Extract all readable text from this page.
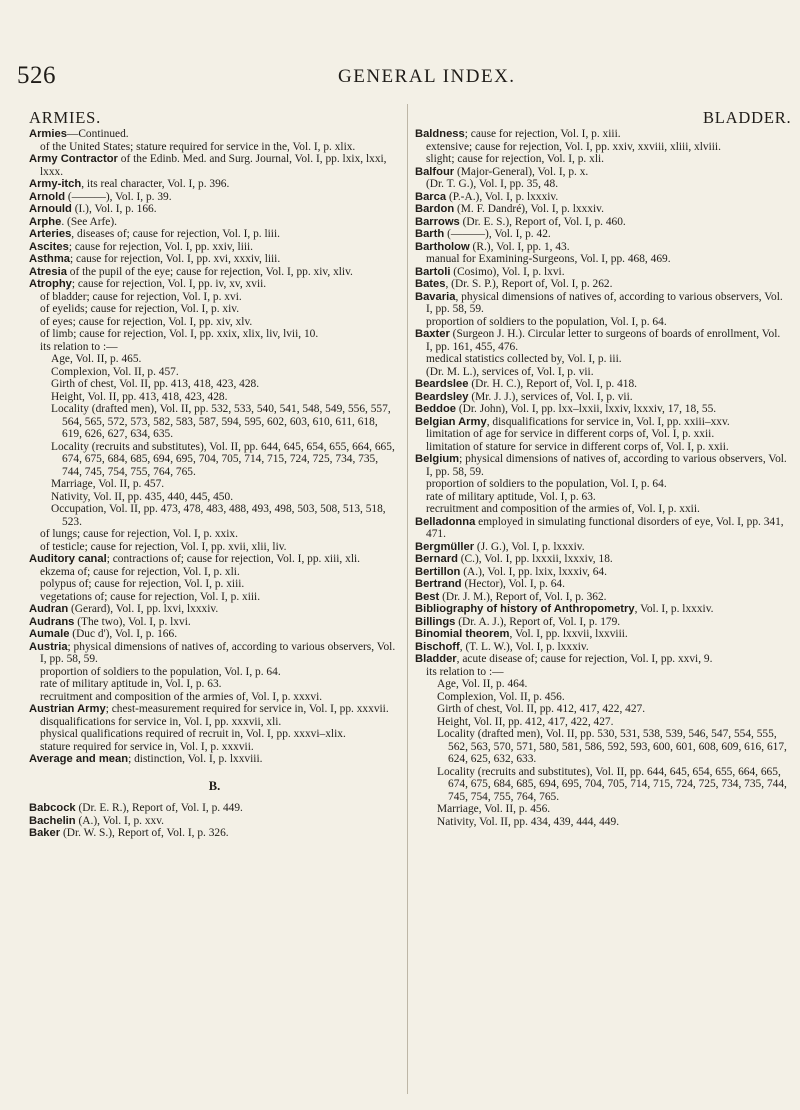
526	GENERAL INDEX.
ARMIES.	BLADDER.

Armies—Continued.

of the United States; stature required for service in the, Vol. I, p. xlix.

Army Contractor of the Edinb. Med. and Surg. Journal, Vol. I, pp. lxix, lxxi, lxxx.

Army-itch, its real character, Vol. I, p. 396.

Arnold (———), Vol. I, p. 39.

Arnould (I.), Vol. I, p. 166.

Arphe. (See Arfe).

Arteries, diseases of; cause for rejection, Vol. I, p. liii.

Ascites; cause for rejection, Vol. I, pp. xxiv, liii.

Asthma; cause for rejection, Vol. I, pp. xvi, xxxiv, liii.

Atresia of the pupil of the eye; cause for rejection, Vol. I, pp. xiv, xliv.

Atrophy; cause for rejection, Vol. I, pp. iv, xv, xvii.

of bladder; cause for rejection, Vol. I, p. xvi.

of eyelids; cause for rejection, Vol. I, p. xiv.

of eyes; cause for rejection, Vol. I, pp. xiv, xlv.

of limb; cause for rejection, Vol. I, pp. xxix, xlix, liv, lvii, 10.

its relation to :—

Age, Vol. II, p. 465.

Complexion, Vol. II, p. 457.

Girth of chest, Vol. II, pp. 413, 418, 423, 428.

Height, Vol. II, pp. 413, 418, 423, 428.

Locality (drafted men), Vol. II, pp. 532, 533, 540, 541, 548, 549, 556, 557, 564, 565, 572, 573, 582, 583, 587, 594, 595, 602, 603, 610, 611, 618, 619, 626, 627, 634, 635.

Locality (recruits and substitutes), Vol. II, pp. 644, 645, 654, 655, 664, 665, 674, 675, 684, 685, 694, 695, 704, 705, 714, 715, 724, 725, 734, 735, 744, 745, 754, 755, 764, 765.

Marriage, Vol. II, p. 457.

Nativity, Vol. II, pp. 435, 440, 445, 450.

Occupation, Vol. II, pp. 473, 478, 483, 488, 493, 498, 503, 508, 513, 518, 523.

of lungs; cause for rejection, Vol. I, p. xxix.

of testicle; cause for rejection, Vol. I, pp. xvii, xlii, liv.

Auditory canal; contractions of; cause for rejection, Vol. I, pp. xiii, xli.

ekzema of; cause for rejection, Vol. I, p. xli.

polypus of; cause for rejection, Vol. I, p. xiii.

vegetations of; cause for rejection, Vol. I, p. xiii.

Audran (Gerard), Vol. I, pp. lxvi, lxxxiv.

Audrans (The two), Vol. I, p. lxvi.

Aumale (Duc d'), Vol. I, p. 166.

Austria; physical dimensions of natives of, according to various observers, Vol. I, pp. 58, 59.

proportion of soldiers to the population, Vol. I, p. 64.

rate of military aptitude in, Vol. I, p. 63.

recruitment and composition of the armies of, Vol. I, p. xxxvi.

Austrian Army; chest-measurement required for service in, Vol. I, pp. xxxvii.

disqualifications for service in, Vol. I, pp. xxxvii, xli.

physical qualifications required of recruit in, Vol. I, pp. xxxvi–xlix.

stature required for service in, Vol. I, p. xxxvii.

Average and mean; distinction, Vol. I, p. lxxviii.

B.

Babcock (Dr. E. R.), Report of, Vol. I, p. 449.

Bachelin (A.), Vol. I, p. xxv.

Baker (Dr. W. S.), Report of, Vol. I, p. 326.

Baldness; cause for rejection, Vol. I, p. xiii.

extensive; cause for rejection, Vol. I, pp. xxiv, xxviii, xliii, xlviii.

slight; cause for rejection, Vol. I, p. xli.

Balfour (Major-General), Vol. I, p. x.

(Dr. T. G.), Vol. I, pp. 35, 48.

Barca (P.-A.), Vol. I, p. lxxxiv.

Bardon (M. F. Dandré), Vol. I, p. lxxxiv.

Barrows (Dr. E. S.), Report of, Vol. I, p. 460.

Barth (———), Vol. I, p. 42.

Bartholow (R.), Vol. I, pp. 1, 43.

manual for Examining-Surgeons, Vol. I, pp. 468, 469.

Bartoli (Cosimo), Vol. I, p. lxvi.

Bates, (Dr. S. P.), Report of, Vol. I, p. 262.

Bavaria, physical dimensions of natives of, according to various observers, Vol. I, pp. 58, 59.

proportion of soldiers to the population, Vol. I, p. 64.

Baxter (Surgeon J. H.). Circular letter to surgeons of boards of enrollment, Vol. I, pp. 161, 455, 476.

medical statistics collected by, Vol. I, p. iii.

(Dr. M. L.), services of, Vol. I, p. vii.

Beardslee (Dr. H. C.), Report of, Vol. I, p. 418.

Beardsley (Mr. J. J.), services of, Vol. I, p. vii.

Beddoe (Dr. John), Vol. I, pp. lxx–lxxii, lxxiv, lxxxiv, 17, 18, 55.

Belgian Army, disqualifications for service in, Vol. I, pp. xxiii–xxv.

limitation of age for service in different corps of, Vol. I, p. xxii.

limitation of stature for service in different corps of, Vol. I, p. xxii.

Belgium; physical dimensions of natives of, according to various observers, Vol. I, pp. 58, 59.

proportion of soldiers to the population, Vol. I, p. 64.

rate of military aptitude, Vol. I, p. 63.

recruitment and composition of the armies of, Vol. I, p. xxii.

Belladonna employed in simulating functional disorders of eye, Vol. I, pp. 341, 471.

Bergmüller (J. G.), Vol. I, p. lxxxiv.

Bernard (C.), Vol. I, pp. lxxxii, lxxxiv, 18.

Bertillon (A.), Vol. I, pp. lxix, lxxxiv, 64.

Bertrand (Hector), Vol. I, p. 64.

Best (Dr. J. M.), Report of, Vol. I, p. 362.

Bibliography of history of Anthropometry, Vol. I, p. lxxxiv.

Billings (Dr. A. J.), Report of, Vol. I, p. 179.

Binomial theorem, Vol. I, pp. lxxvii, lxxviii.

Bischoff, (T. L. W.), Vol. I, p. lxxxiv.

Bladder, acute disease of; cause for rejection, Vol. I, pp. xxvi, 9.

its relation to :—

Age, Vol. II, p. 464.

Complexion, Vol. II, p. 456.

Girth of chest, Vol. II, pp. 412, 417, 422, 427.

Height, Vol. II, pp. 412, 417, 422, 427.

Locality (drafted men), Vol. II, pp. 530, 531, 538, 539, 546, 547, 554, 555, 562, 563, 570, 571, 580, 581, 586, 592, 593, 600, 601, 608, 609, 616, 617, 624, 625, 632, 633.

Locality (recruits and substitutes), Vol. II, pp. 644, 645, 654, 655, 664, 665, 674, 675, 684, 685, 694, 695, 704, 705, 714, 715, 724, 725, 734, 735, 744, 745, 754, 755, 764, 765.

Marriage, Vol. II, p. 456.

Nativity, Vol. II, pp. 434, 439, 444, 449.
